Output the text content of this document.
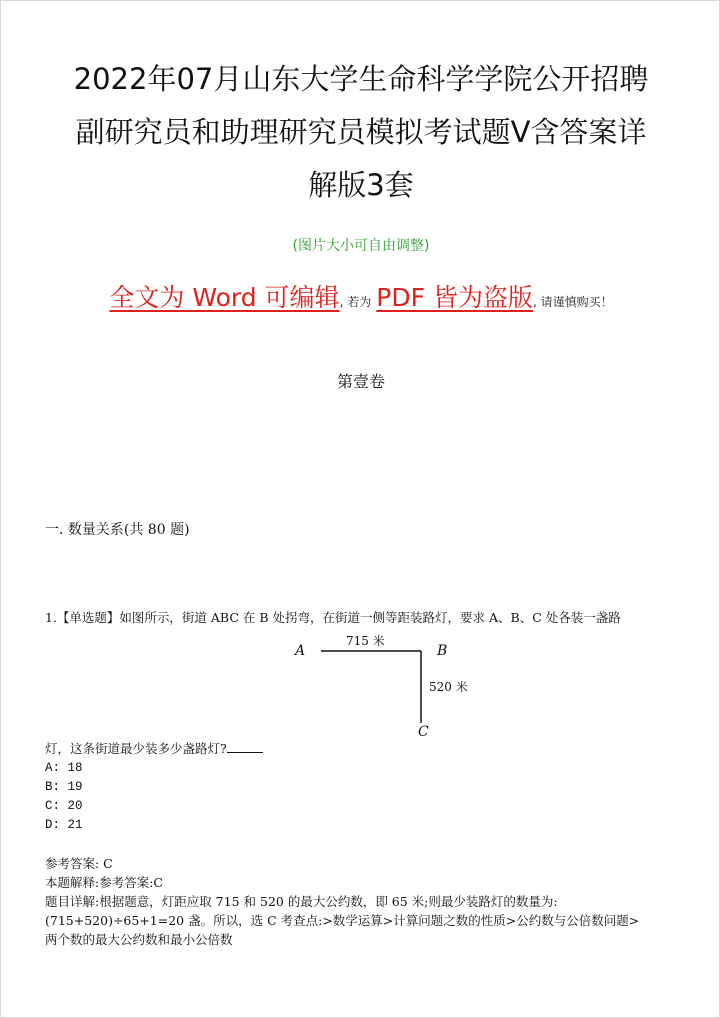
2022年07月山东大学生命科学学院公开招聘
副研究员和助理研究员模拟考试题V含答案详
解版3套
(图片大小可自由调整)
全文为 Word 可编辑, 若为 PDF 皆为盗版, 请谨慎购买！
第壹卷
一. 数量关系(共 80 题)
1.【单选题】如图所示，街道 ABC 在 B 处拐弯，在街道一侧等距装路灯，要求 A、B、C 处各装一盏路
A	B
C
715 米
520 米
灯，这条街道最少装多少盏路灯?
A: 18
B: 19
C: 20
D: 21
参考答案: C
本题解释:参考答案:C
题目详解:根据题意，灯距应取 715 和 520 的最大公约数，即 65 米;则最少装路灯的数量为:
(715+520)÷65+1=20 盏。所以，选 C 考查点:>数学运算>计算问题之数的性质>公约数与公倍数问题>
两个数的最大公约数和最小公倍数
